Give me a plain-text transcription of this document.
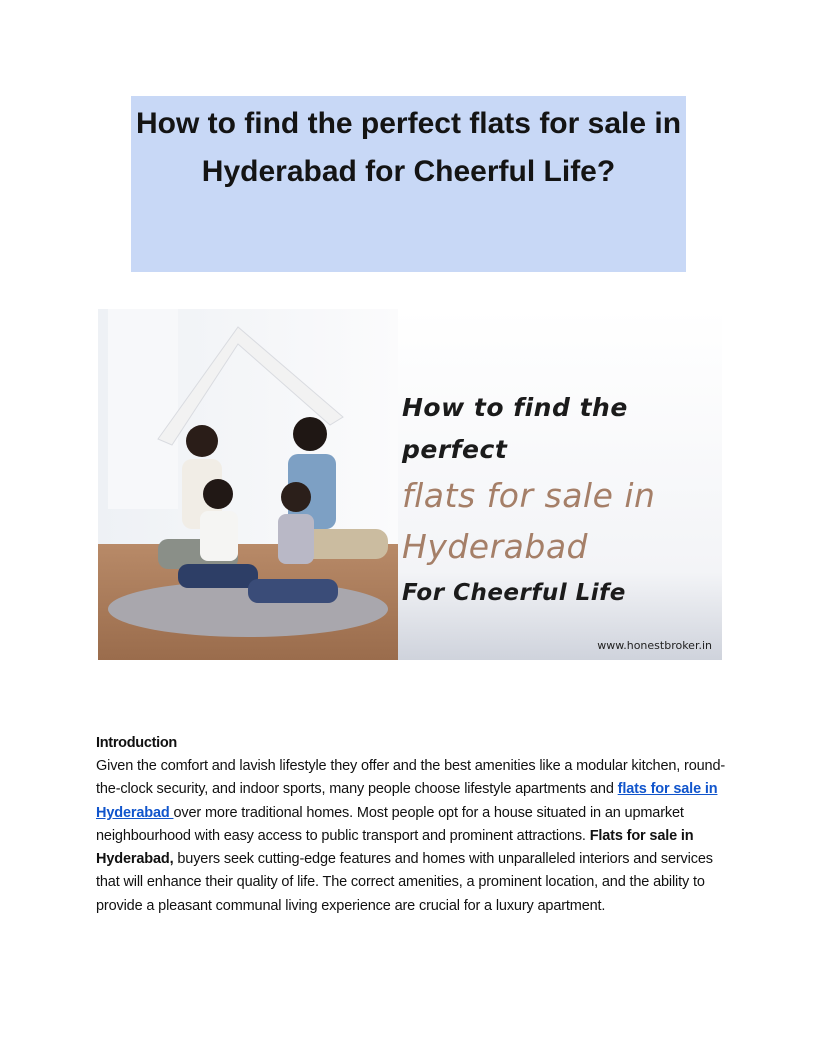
How to find the perfect flats for sale in
Hyderabad for Cheerful Life?
How to find the perfect
flats for sale in
Hyderabad
For Cheerful Life
www.honestbroker.in

Introduction

Given the comfort and lavish lifestyle they offer and the best amenities like a modular kitchen, round-the-clock security, and indoor sports, many people choose lifestyle apartments and flats for sale in Hyderabad over more traditional homes. Most people opt for a house situated in an upmarket neighbourhood with easy access to public transport and prominent attractions. Flats for sale in Hyderabad, buyers seek cutting-edge features and homes with unparalleled interiors and services that will enhance their quality of life. The correct amenities, a prominent location, and the ability to provide a pleasant communal living experience are crucial for a luxury apartment.
